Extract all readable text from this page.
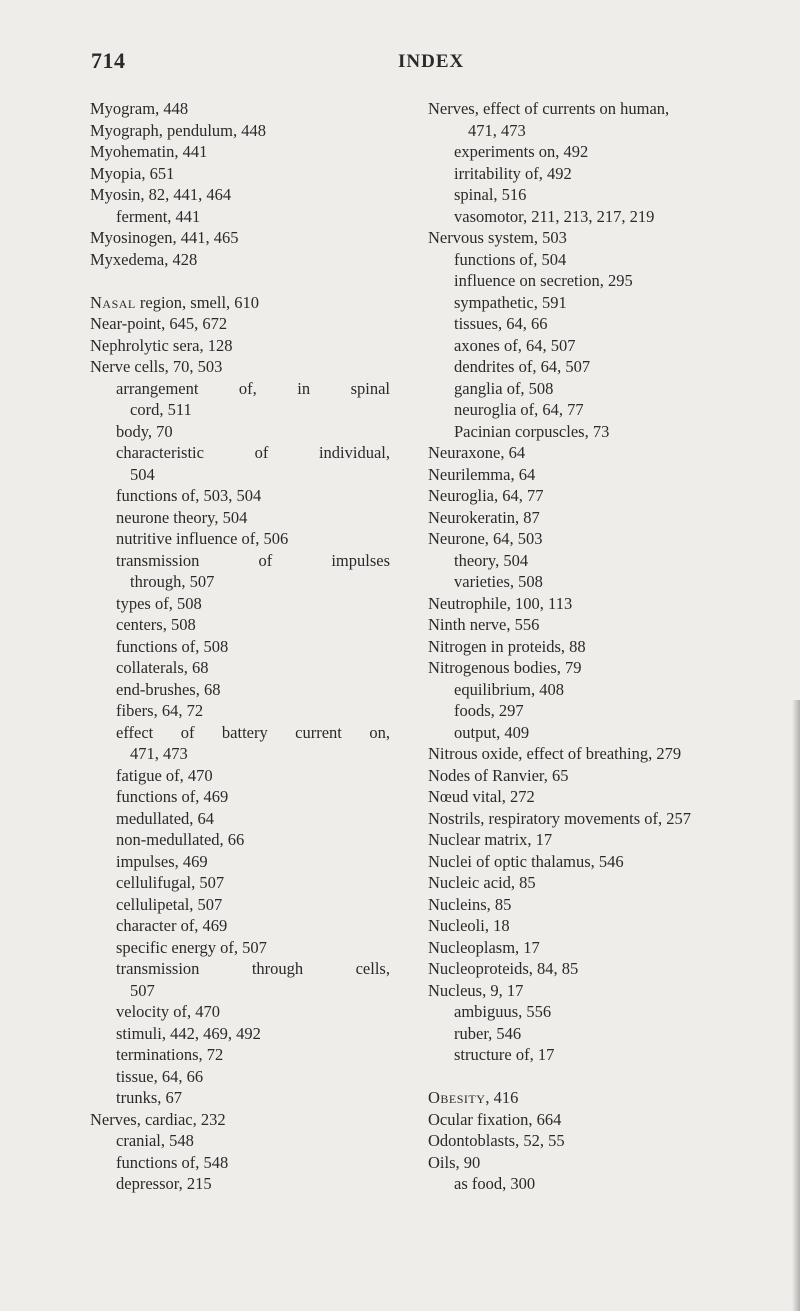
714	INDEX
Myogram, 448
Myograph, pendulum, 448
Myohematin, 441
Myopia, 651
Myosin, 82, 441, 464
ferment, 441
Myosinogen, 441, 465
Myxedema, 428
Nasal region, smell, 610
Near-point, 645, 672
Nephrolytic sera, 128
Nerve cells, 70, 503
arrangement of, in spinal
cord, 511
body, 70
characteristic	of	individual,
504
functions of, 503, 504
neurone theory, 504
nutritive influence of, 506
transmission	of	impulses
through, 507
types of, 508
centers, 508
functions of, 508
collaterals, 68
end-brushes, 68
fibers, 64, 72
effect of battery current on,
471, 473
fatigue of, 470
functions of, 469
medullated, 64
non-medullated, 66
impulses, 469
cellulifugal, 507
cellulipetal, 507
character of, 469
specific energy of, 507
transmission	through	cells,
507
velocity of, 470
stimuli, 442, 469, 492
terminations, 72
tissue, 64, 66
trunks, 67
Nerves, cardiac, 232
cranial, 548
functions of, 548
depressor, 215
Nerves, effect of currents on human,
471, 473
experiments on, 492
irritability of, 492
spinal, 516
vasomotor, 211, 213, 217, 219
Nervous system, 503
functions of, 504
influence on secretion, 295
sympathetic, 591
tissues, 64, 66
axones of, 64, 507
dendrites of, 64, 507
ganglia of, 508
neuroglia of, 64, 77
Pacinian corpuscles, 73
Neuraxone, 64
Neurilemma, 64
Neuroglia, 64, 77
Neurokeratin, 87
Neurone, 64, 503
theory, 504
varieties, 508
Neutrophile, 100, 113
Ninth nerve, 556
Nitrogen in proteids, 88
Nitrogenous bodies, 79
equilibrium, 408
foods, 297
output, 409
Nitrous oxide, effect of breathing, 279
Nodes of Ranvier, 65
Nœud vital, 272
Nostrils, respiratory movements of, 257
Nuclear matrix, 17
Nuclei of optic thalamus, 546
Nucleic acid, 85
Nucleins, 85
Nucleoli, 18
Nucleoplasm, 17
Nucleoproteids, 84, 85
Nucleus, 9, 17
ambiguus, 556
ruber, 546
structure of, 17
Obesity, 416
Ocular fixation, 664
Odontoblasts, 52, 55
Oils, 90
as food, 300
